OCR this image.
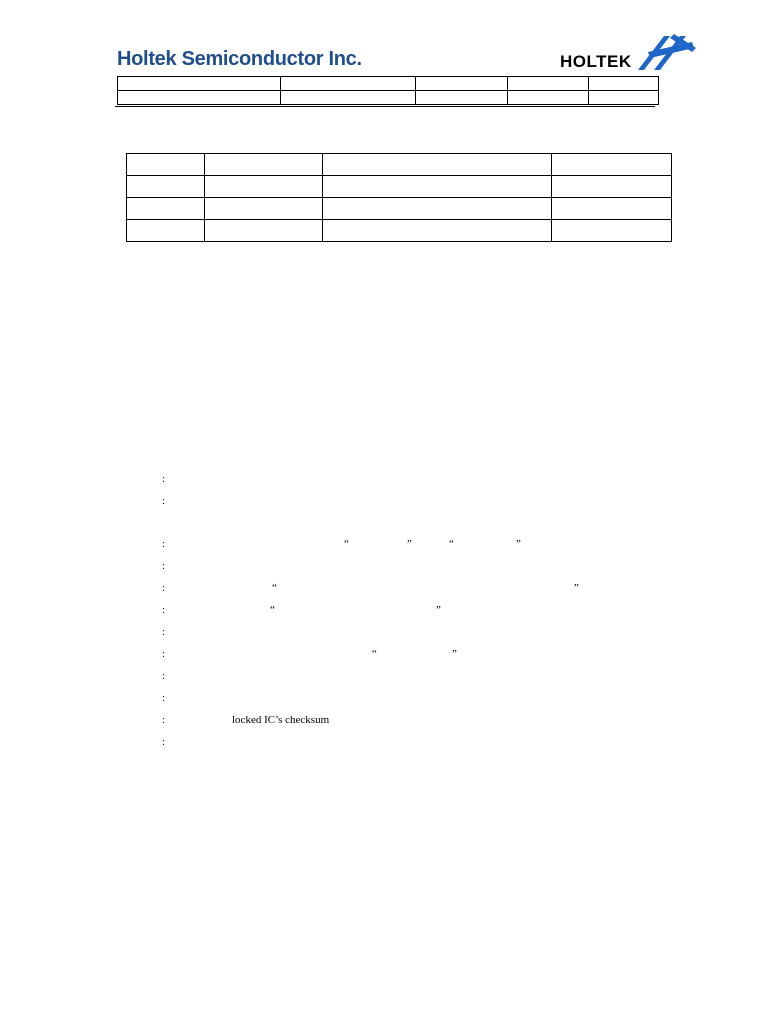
Holtek Semiconductor Inc.	HOLTEK

:
:
:	“	”	“	”
:
:	“	”
:	“	”
:
:	“	”
:
:
:	locked IC’s checksum
:
